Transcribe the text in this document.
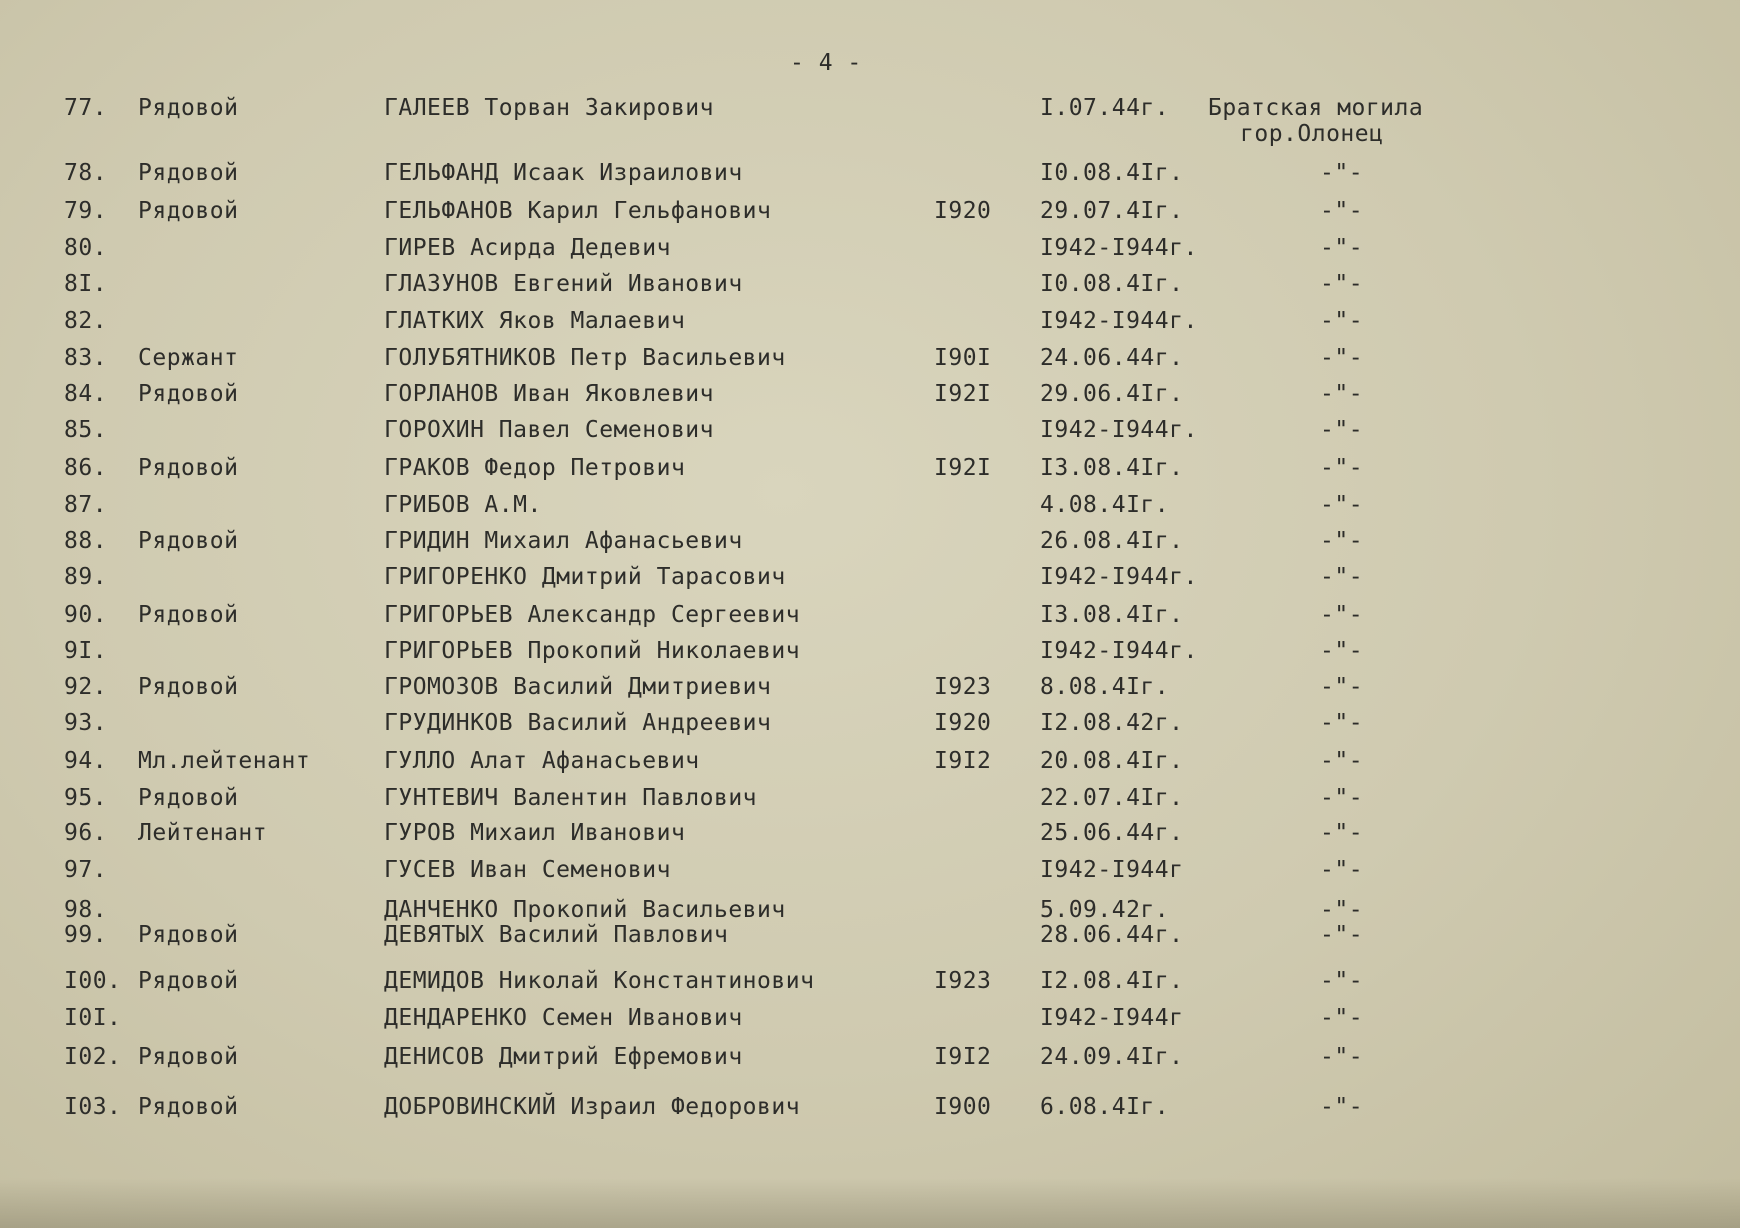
- 4 -
77. Рядовой	ГАЛЕЕВ Торван Закирович	I.07.44г. Братская могила
гор.Олонец
78. Рядовой	ГЕЛЬФАНД Исаак Израилович	I0.08.4Iг.	-"-
79. Рядовой	ГЕЛЬФАНОВ Карил Гельфанович	I920 29.07.4Iг.	-"-
80.	ГИРЕВ Асирда Дедевич	I942-I944г.	-"-
8I.	ГЛАЗУНОВ Евгений Иванович	I0.08.4Iг.	-"-
82.	ГЛАТКИХ Яков Малаевич	I942-I944г.	-"-
83. Сержант	ГОЛУБЯТНИКОВ Петр Васильевич	I90I 24.06.44г.	-"-
84. Рядовой	ГОРЛАНОВ Иван Яковлевич	I92I 29.06.4Iг.	-"-
85.	ГОРОХИН Павел Семенович	I942-I944г.	-"-
86. Рядовой	ГРАКОВ Федор Петрович	I92I I3.08.4Iг.	-"-
87.	ГРИБОВ А.М.	4.08.4Iг.	-"-
88. Рядовой	ГРИДИН Михаил Афанасьевич	26.08.4Iг.	-"-
89.	ГРИГОРЕНКО Дмитрий Тарасович	I942-I944г.	-"-
90. Рядовой	ГРИГОРЬЕВ Александр Сергеевич	I3.08.4Iг.	-"-
9I.	ГРИГОРЬЕВ Прокопий Николаевич	I942-I944г.	-"-
92. Рядовой	ГРОМОЗОВ Василий Дмитриевич	I923 8.08.4Iг.	-"-
93.	ГРУДИНКОВ Василий Андреевич	I920 I2.08.42г.	-"-
94. Мл.лейтенант	ГУЛЛО Алат Афанасьевич	I9I2 20.08.4Iг.	-"-
95. Рядовой	ГУНТЕВИЧ Валентин Павлович	22.07.4Iг.	-"-
96. Лейтенант	ГУРОВ Михаил Иванович	25.06.44г.	-"-
97.	ГУСЕВ Иван Семенович	I942-I944г	-"-
98.	ДАНЧЕНКО Прокопий Васильевич	5.09.42г.	-"-
99. Рядовой	ДЕВЯТЫХ Василий Павлович	28.06.44г.	-"-
I00. Рядовой	ДЕМИДОВ Николай Константинович	I923 I2.08.4Iг.	-"-
I0I.	ДЕНДАРЕНКО Семен Иванович	I942-I944г	-"-
I02. Рядовой	ДЕНИСОВ Дмитрий Ефремович	I9I2 24.09.4Iг.	-"-
I03. Рядовой	ДОБРОВИНСКИЙ Израил Федорович	I900 6.08.4Iг.	-"-
